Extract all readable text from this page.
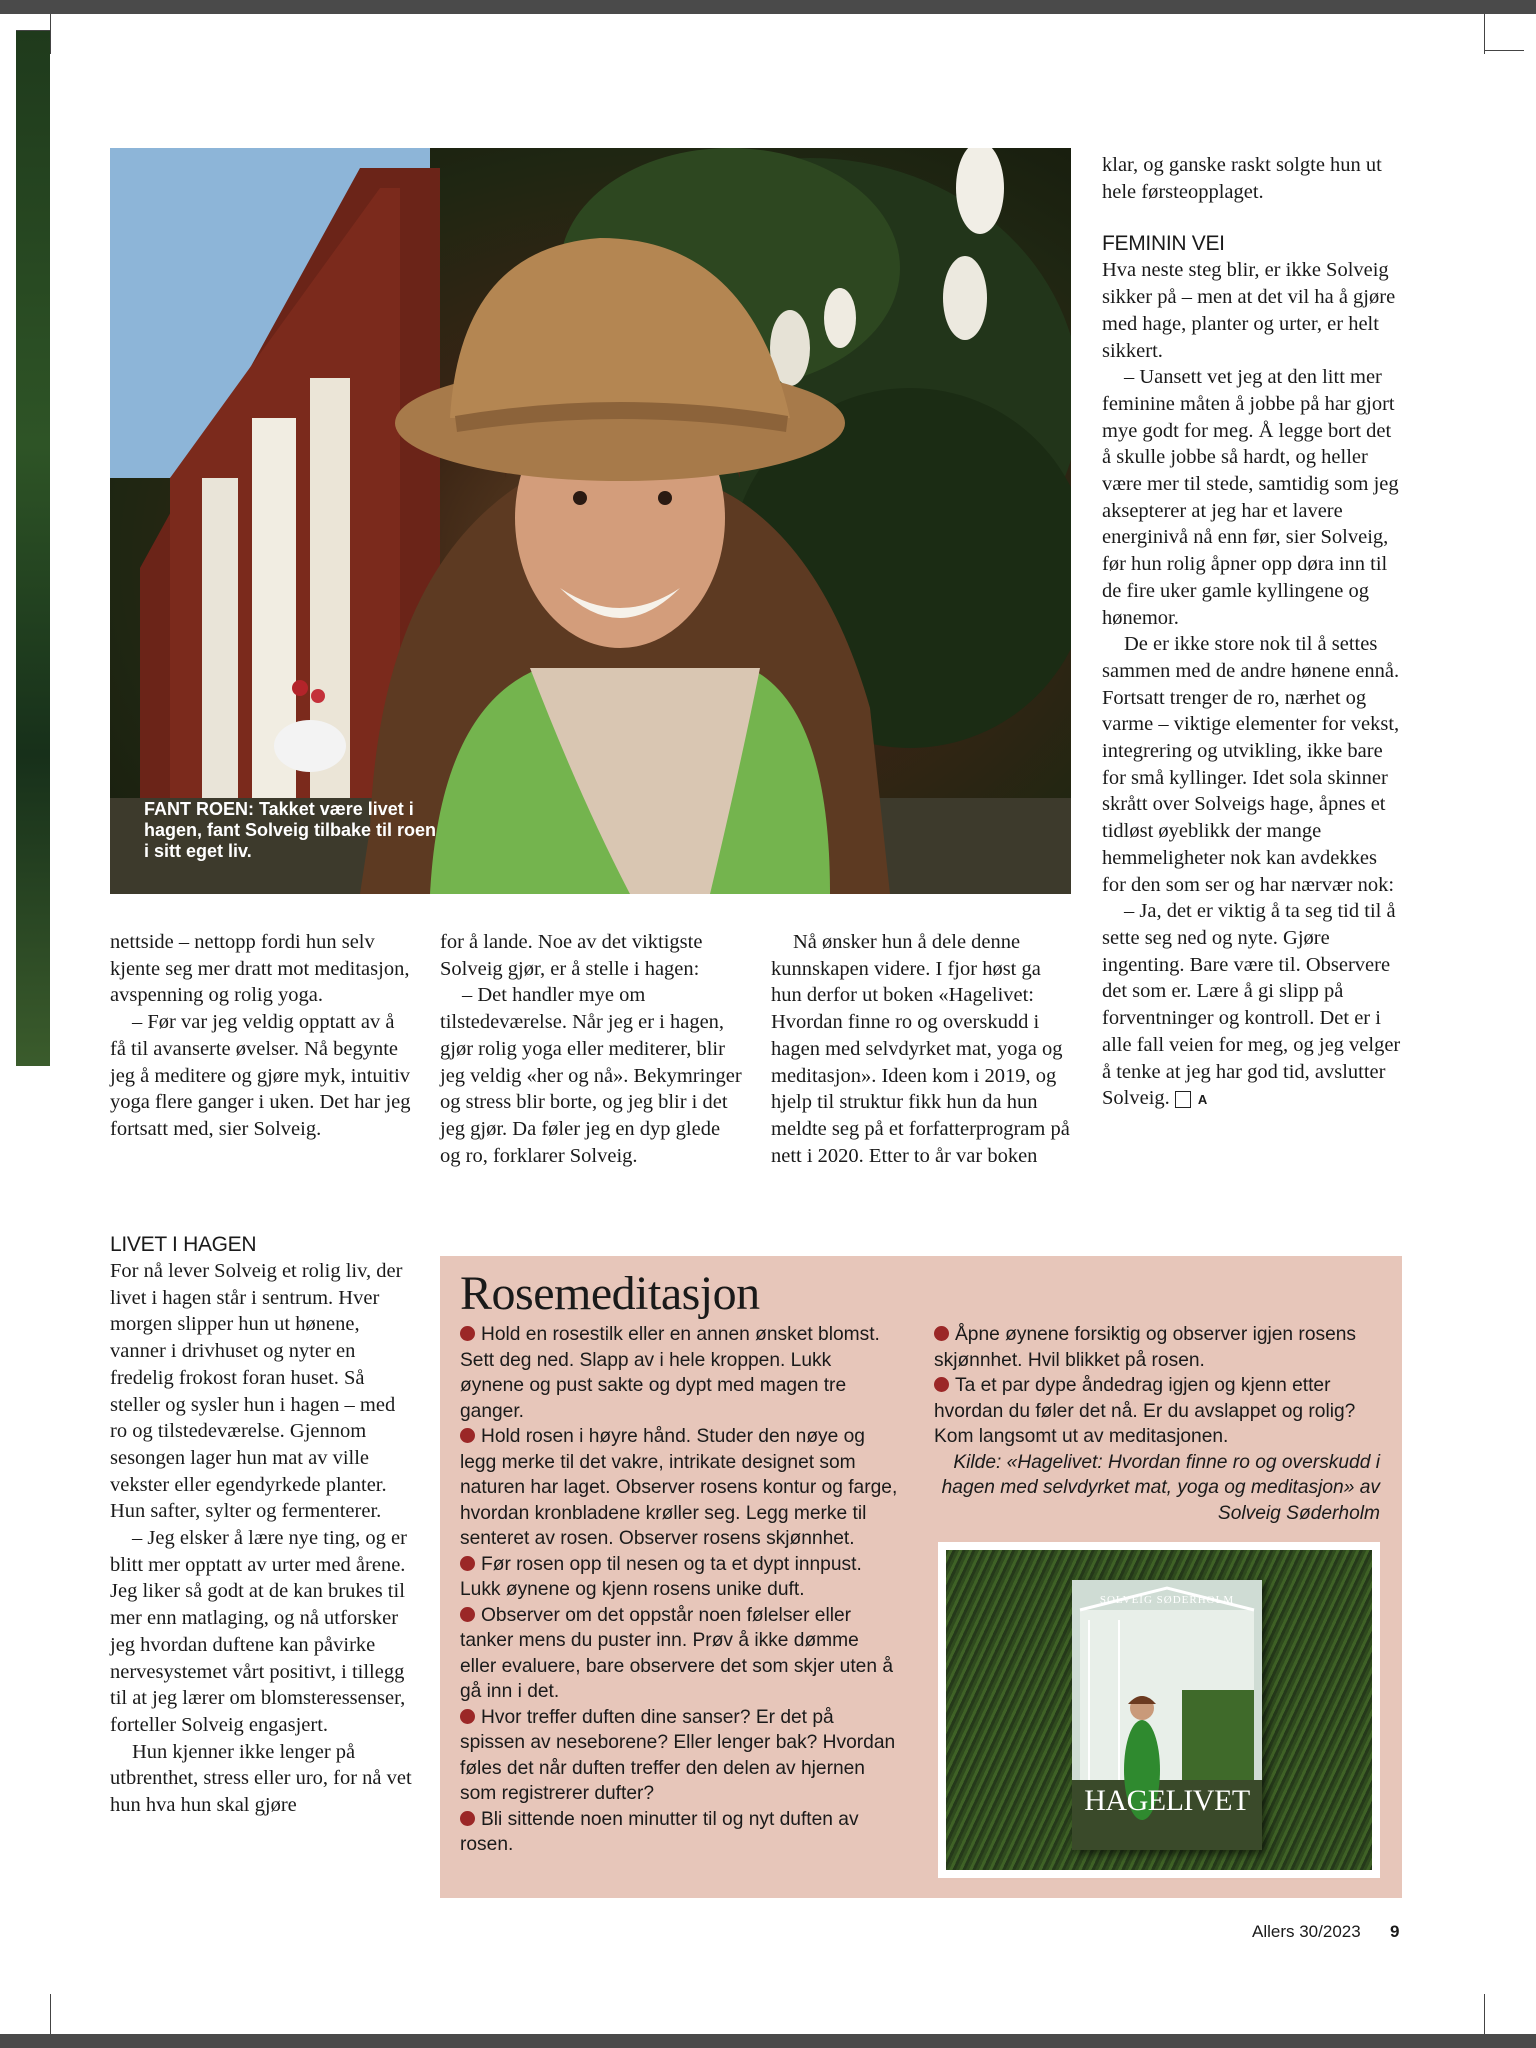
FANT ROEN: Takket være livet i hagen, fant Solveig tilbake til roen i sitt eget liv.

klar, og ganske raskt solgte hun ut hele førsteopplaget.

FEMININ VEI

Hva neste steg blir, er ikke Solveig sikker på – men at det vil ha å gjøre med hage, planter og urter, er helt sikkert.

– Uansett vet jeg at den litt mer feminine måten å jobbe på har gjort mye godt for meg. Å legge bort det å skulle jobbe så hardt, og heller være mer til stede, samtidig som jeg aksepterer at jeg har et lavere energinivå nå enn før, sier Solveig, før hun rolig åpner opp døra inn til de fire uker gamle kyllingene og hønemor.

De er ikke store nok til å settes sammen med de andre hønene ennå. Fortsatt trenger de ro, nærhet og varme – viktige elementer for vekst, integrering og utvikling, ikke bare for små kyllinger. Idet sola skinner skrått over Solveigs hage, åpnes et tidløst øyeblikk der mange hemmeligheter nok kan avdekkes for den som ser og har nærvær nok:

– Ja, det er viktig å ta seg tid til å sette seg ned og nyte. Gjøre ingenting. Bare være til. Observere det som er. Lære å gi slipp på forventninger og kontroll. Det er i alle fall veien for meg, og jeg velger å tenke at jeg har god tid, avslutter Solveig. A

nettside – nettopp fordi hun selv kjente seg mer dratt mot meditasjon, avspenning og rolig yoga.

– Før var jeg veldig opptatt av å få til avanserte øvelser. Nå begynte jeg å meditere og gjøre myk, intuitiv yoga flere ganger i uken. Det har jeg fortsatt med, sier Solveig.

for å lande. Noe av det viktigste Solveig gjør, er å stelle i hagen:

– Det handler mye om tilstedeværelse. Når jeg er i hagen, gjør rolig yoga eller mediterer, blir jeg veldig «her og nå». Bekymringer og stress blir borte, og jeg blir i det jeg gjør. Da føler jeg en dyp glede og ro, forklarer Solveig.

Nå ønsker hun å dele denne kunnskapen videre. I fjor høst ga hun derfor ut boken «Hagelivet: Hvordan finne ro og overskudd i hagen med selvdyrket mat, yoga og meditasjon». Ideen kom i 2019, og hjelp til struktur fikk hun da hun meldte seg på et forfatterprogram på nett i 2020. Etter to år var boken

LIVET I HAGEN

For nå lever Solveig et rolig liv, der livet i hagen står i sentrum. Hver morgen slipper hun ut hønene, vanner i drivhuset og nyter en fredelig frokost foran huset. Så steller og sysler hun i hagen – med ro og tilstedeværelse. Gjennom sesongen lager hun mat av ville vekster eller egendyrkede planter. Hun safter, sylter og fermenterer.

– Jeg elsker å lære nye ting, og er blitt mer opptatt av urter med årene. Jeg liker så godt at de kan brukes til mer enn matlaging, og nå utforsker jeg hvordan duftene kan påvirke nervesystemet vårt positivt, i tillegg til at jeg lærer om blomsteressenser, forteller Solveig engasjert.

Hun kjenner ikke lenger på utbrenthet, stress eller uro, for nå vet hun hva hun skal gjøre

Rosemeditasjon

Hold en rosestilk eller en annen ønsket blomst. Sett deg ned. Slapp av i hele kroppen. Lukk øynene og pust sakte og dypt med magen tre ganger.

Hold rosen i høyre hånd. Studer den nøye og legg merke til det vakre, intrikate designet som naturen har laget. Observer rosens kontur og farge, hvordan kronbladene krøller seg. Legg merke til senteret av rosen. Observer rosens skjønnhet.

Før rosen opp til nesen og ta et dypt innpust. Lukk øynene og kjenn rosens unike duft.

Observer om det oppstår noen følelser eller tanker mens du puster inn. Prøv å ikke dømme eller evaluere, bare observere det som skjer uten å gå inn i det.

Hvor treffer duften dine sanser? Er det på spissen av neseborene? Eller lenger bak? Hvordan føles det når duften treffer den delen av hjernen som registrerer dufter?

Bli sittende noen minutter til og nyt duften av rosen.

Åpne øynene forsiktig og observer igjen rosens skjønnhet. Hvil blikket på rosen.

Ta et par dype åndedrag igjen og kjenn etter hvordan du føler det nå. Er du avslappet og rolig? Kom langsomt ut av meditasjonen.

Kilde: «Hagelivet: Hvordan finne ro og overskudd i hagen med selvdyrket mat, yoga og meditasjon» av Solveig Søderholm

SOLVEIG SØDERHOLM
HAGELIVET
Allers 30/2023 9
